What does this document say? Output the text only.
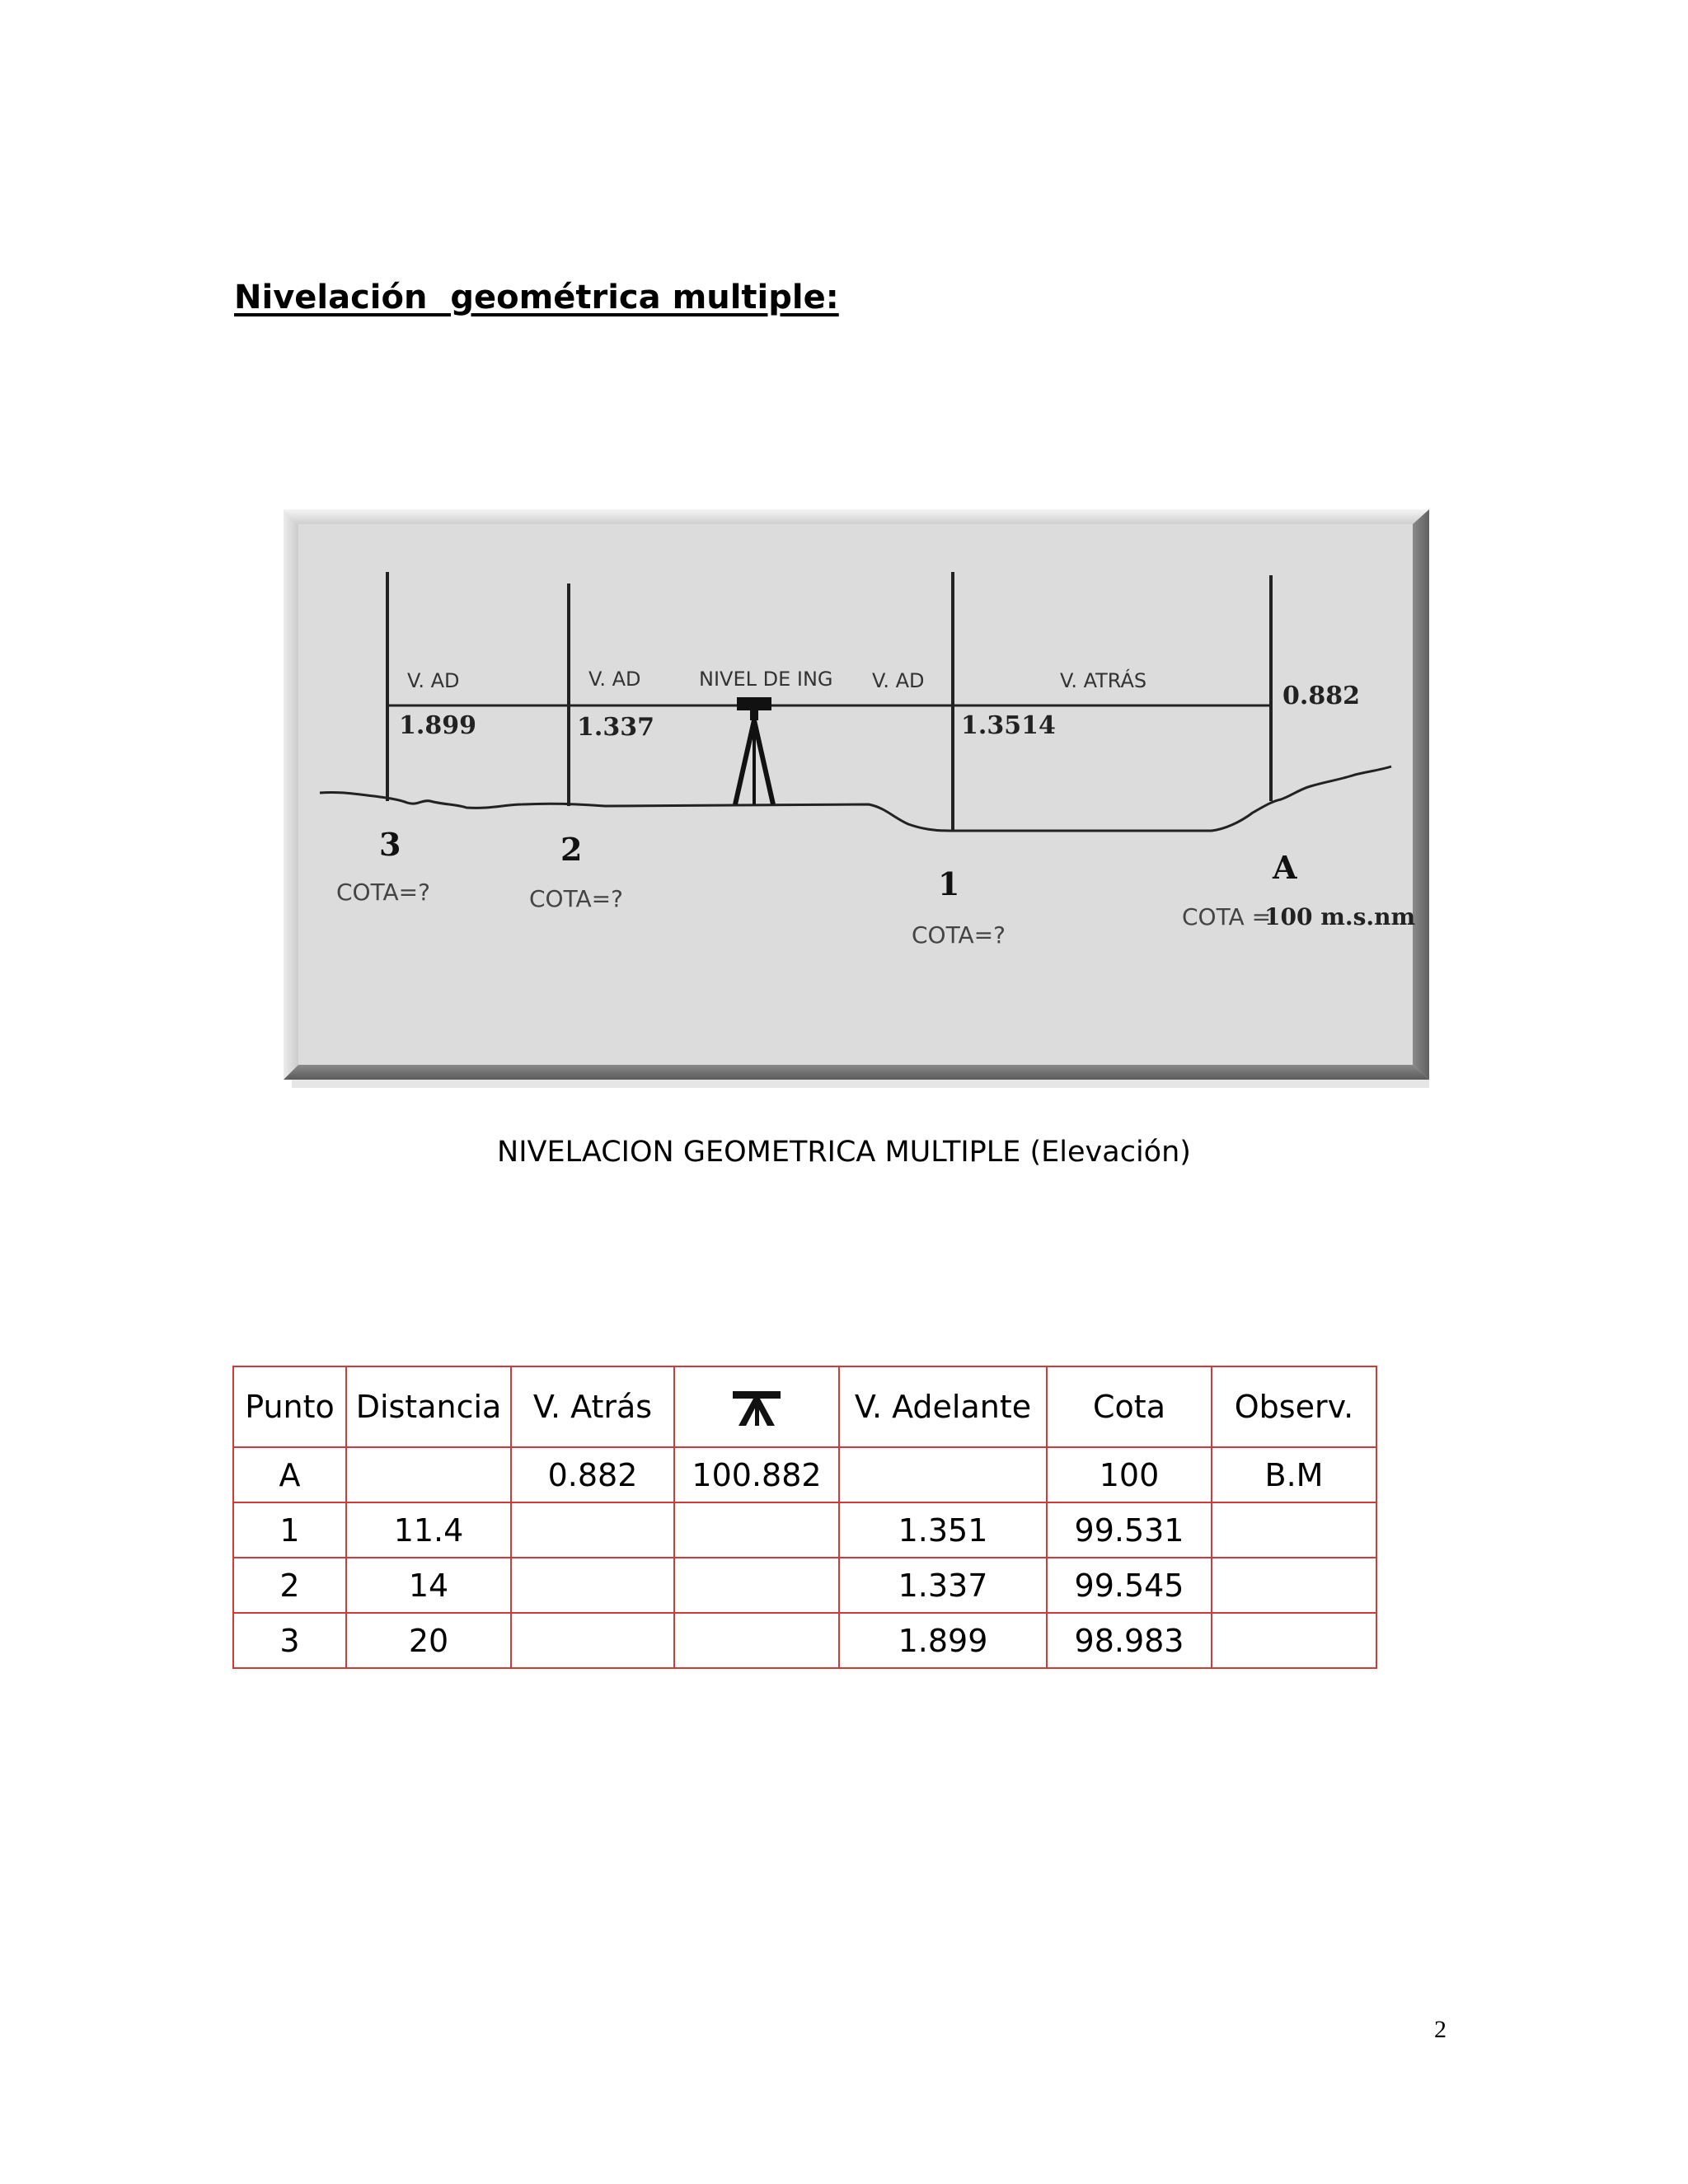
Nivelación  geométrica multiple:
V. AD	V. AD	NIVEL DE ING V. AD	V. ATRÁS
1.899	1.337	1.3514
0.882
3	2
1	A
COTA=?	COTA=?
COTA=?
COTA =
100 m.s.nm
NIVELACION GEOMETRICA MULTIPLE (Elevación)
Punto	Distancia	V. Atrás		V. Adelante	Cota	Observ.
A		0.882	100.882		100	B.M
1	11.4			1.351	99.531	
2	14			1.337	99.545	
3	20			1.899	98.983	
2
